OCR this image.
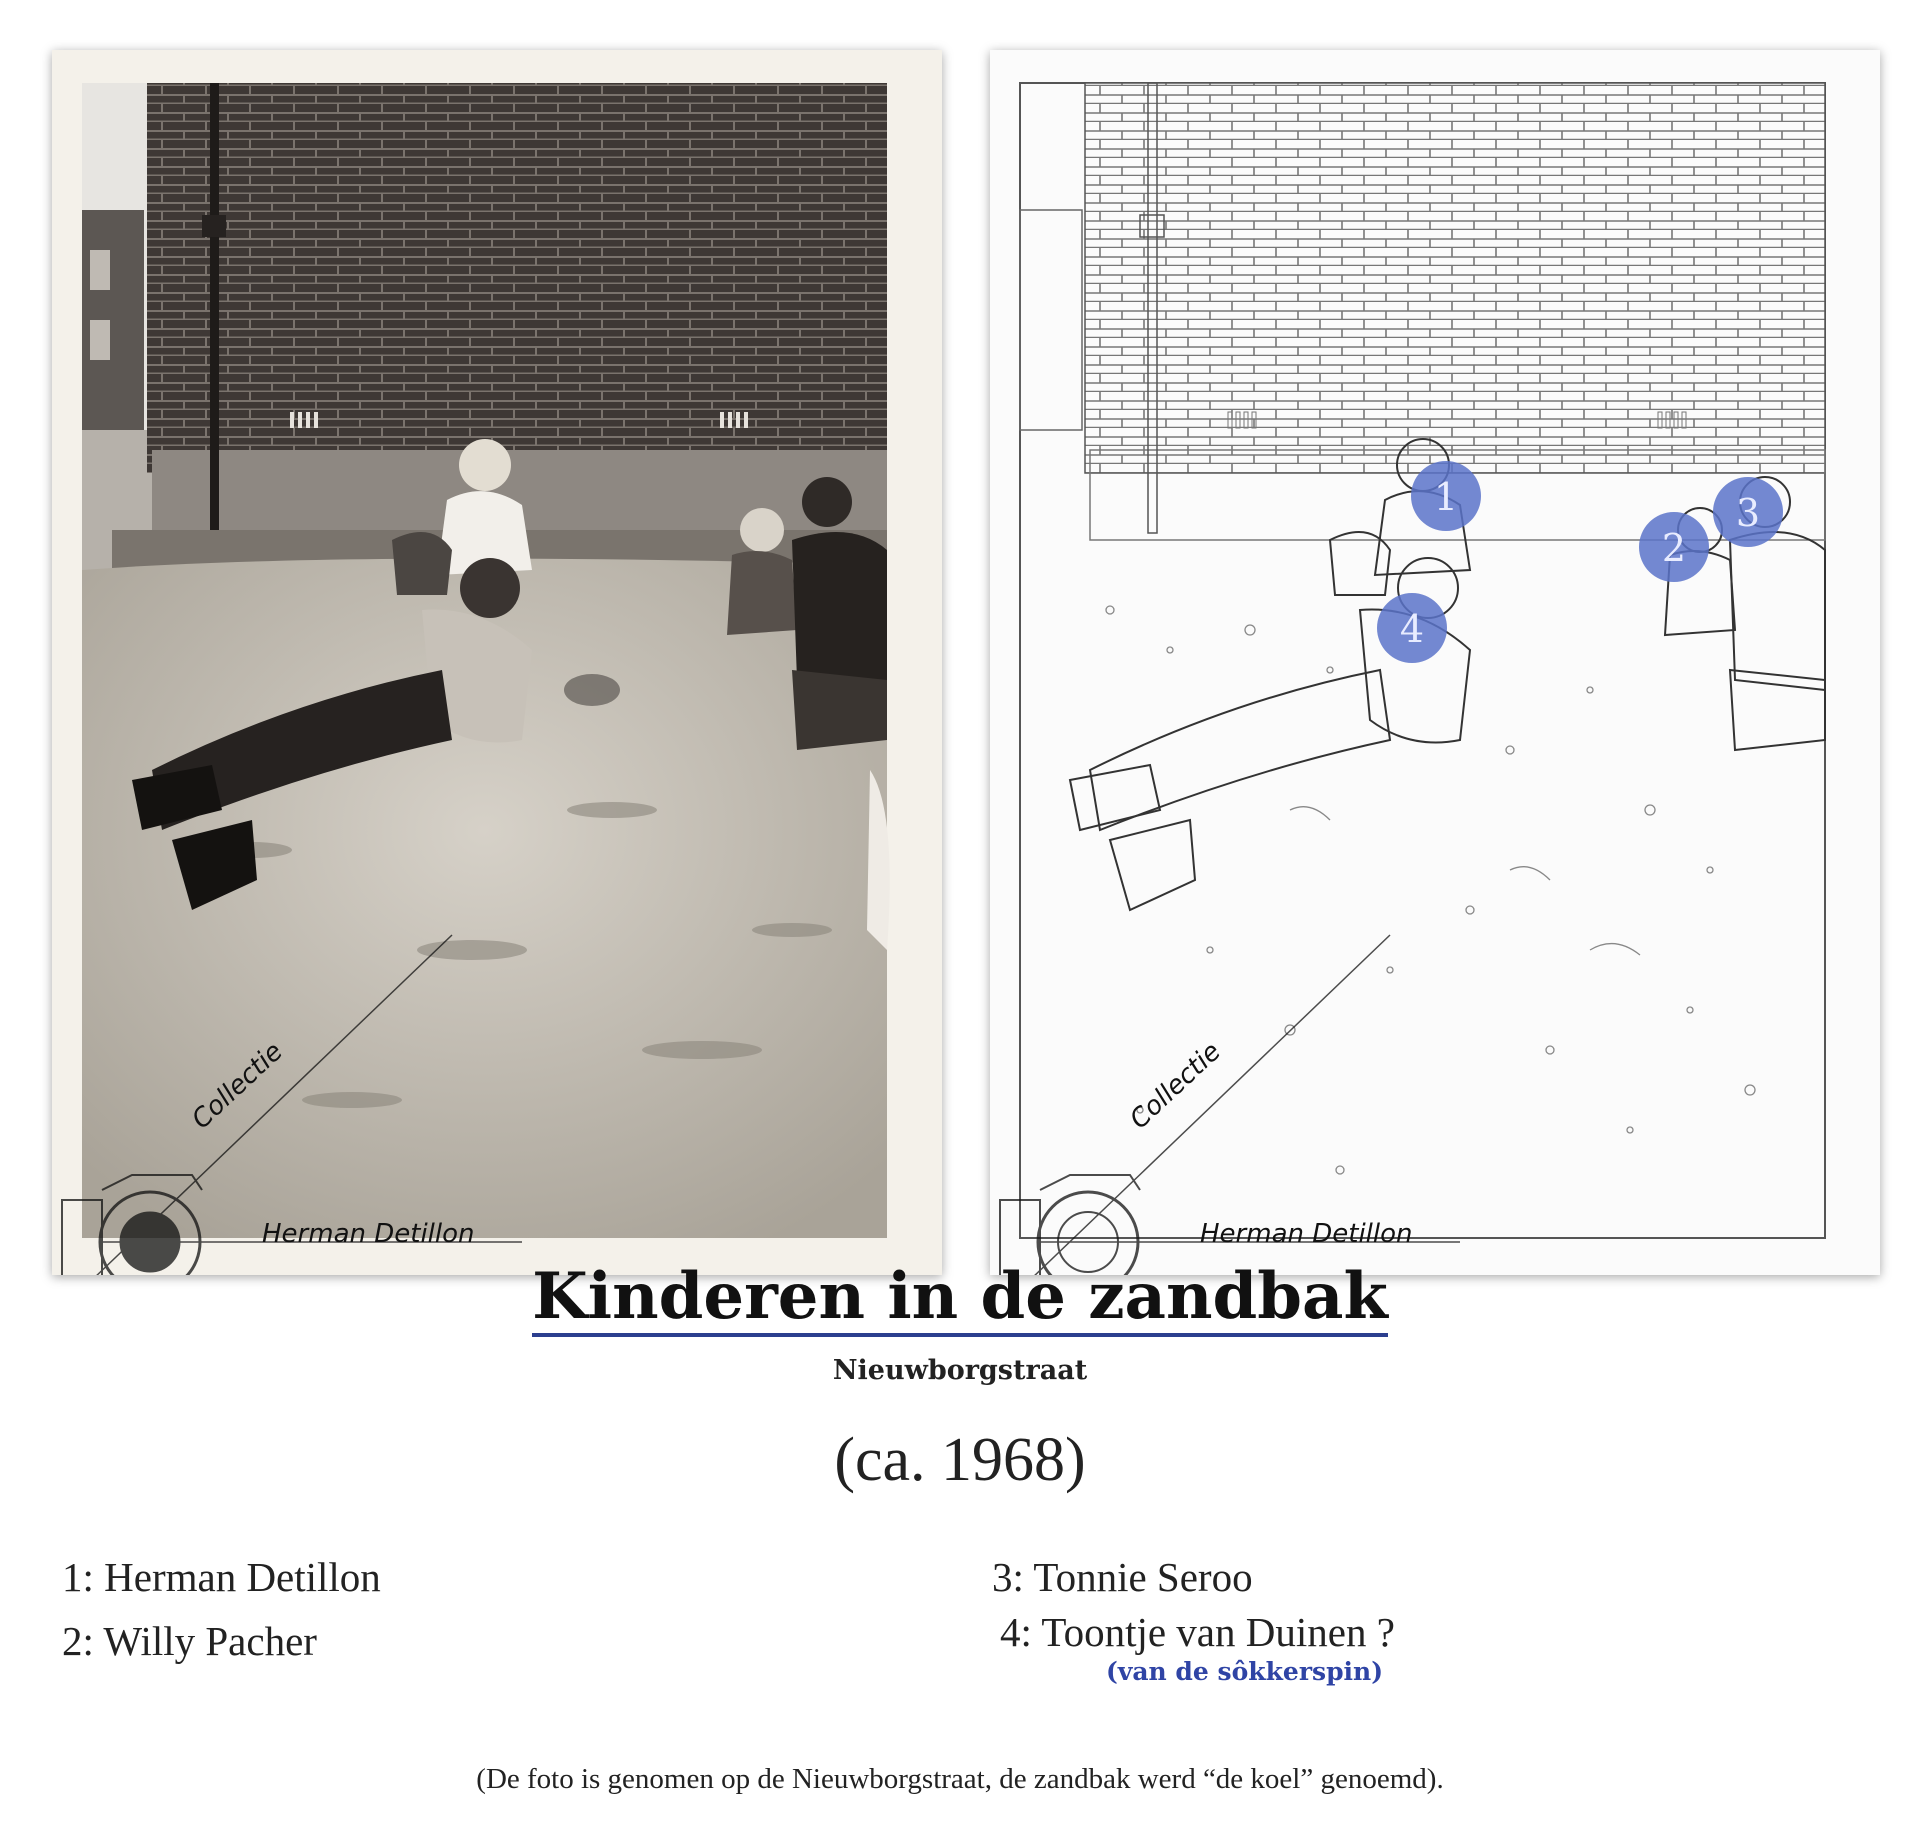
Collectie
Herman Detillon
1
2
3
4
Collectie
Herman Detillon
Kinderen in de zandbak
Nieuwborgstraat
(ca. 1968)
1: Herman Detillon
2: Willy Pacher
3: Tonnie Seroo
4: Toontje van Duinen ?
(van de sôkkerspin)
(De foto is genomen op de Nieuwborgstraat, de zandbak werd “de koel” genoemd).
